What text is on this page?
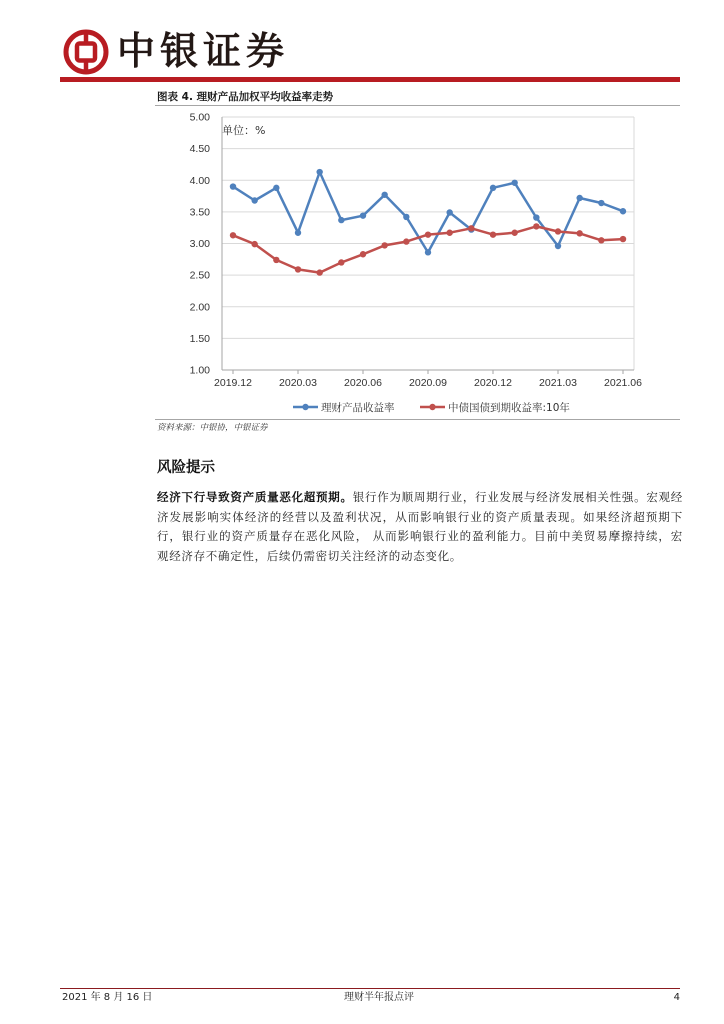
中银证券
图表 4. 理财产品加权平均收益率走势
1.00
1.50
2.00
2.50
3.00
3.50
4.00
4.50
5.00
2019.12	2020.03	2020.06	2020.09	2020.12	2021.03	2021.06
单位：%
理财产品收益率	中债国债到期收益率:10年
资料来源：中银协，中银证券
风险提示
经济下行导致资产质量恶化超预期。银行作为顺周期行业，行业发展与经济发展相关性强。宏观经济发展影响实体经济的经营以及盈利状况，从而影响银行业的资产质量表现。如果经济超预期下行，银行业的资产质量存在恶化风险， 从而影响银行业的盈利能力。目前中美贸易摩擦持续，宏观经济存不确定性，后续仍需密切关注经济的动态变化。
2021 年 8 月 16 日	理财半年报点评	4
